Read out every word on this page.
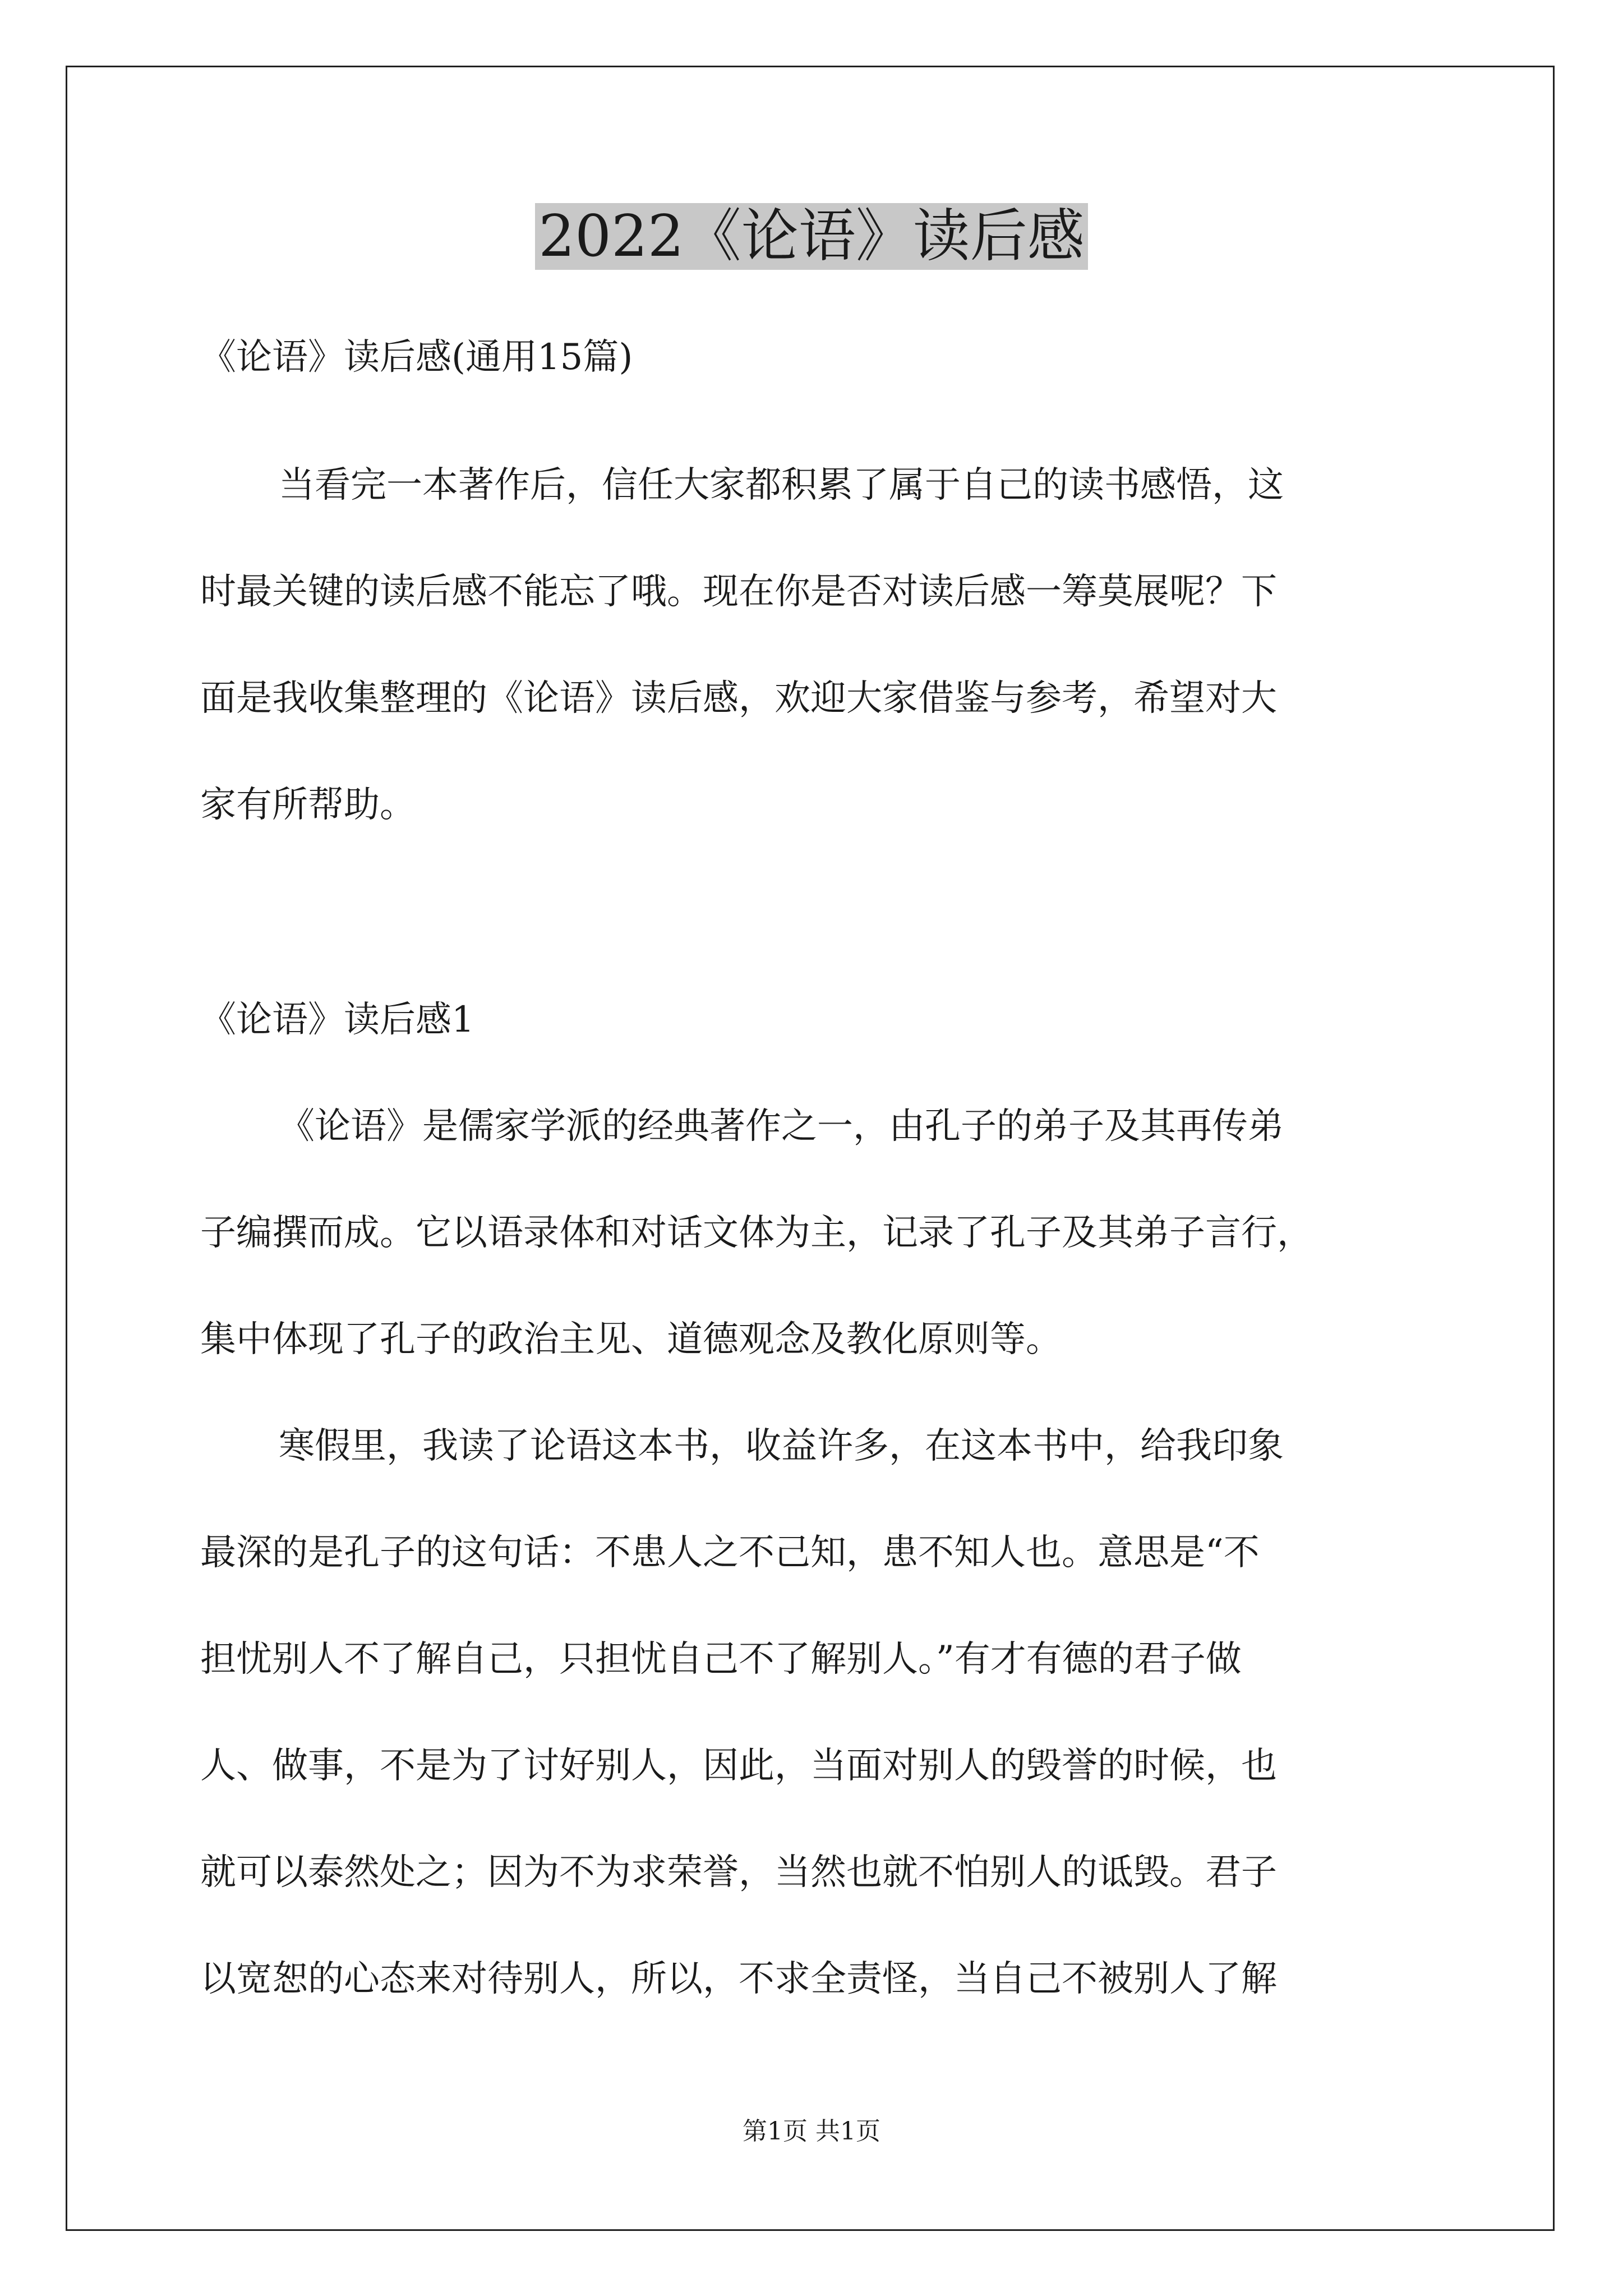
2022《论语》读后感

《论语》读后感(通用15篇)

当看完一本著作后，信任大家都积累了属于自己的读书感悟，这

时最关键的读后感不能忘了哦。现在你是否对读后感一筹莫展呢？下

面是我收集整理的《论语》读后感，欢迎大家借鉴与参考，希望对大

家有所帮助。

《论语》读后感1

《论语》是儒家学派的经典著作之一，由孔子的弟子及其再传弟

子编撰而成。它以语录体和对话文体为主，记录了孔子及其弟子言行，

集中体现了孔子的政治主见、道德观念及教化原则等。

寒假里，我读了论语这本书，收益许多，在这本书中，给我印象

最深的是孔子的这句话：不患人之不己知，患不知人也。意思是“不

担忧别人不了解自己，只担忧自己不了解别人。”有才有德的君子做

人、做事，不是为了讨好别人，因此，当面对别人的毁誉的时候，也

就可以泰然处之；因为不为求荣誉，当然也就不怕别人的诋毁。君子

以宽恕的心态来对待别人，所以，不求全责怪，当自己不被别人了解

第1页 共1页
